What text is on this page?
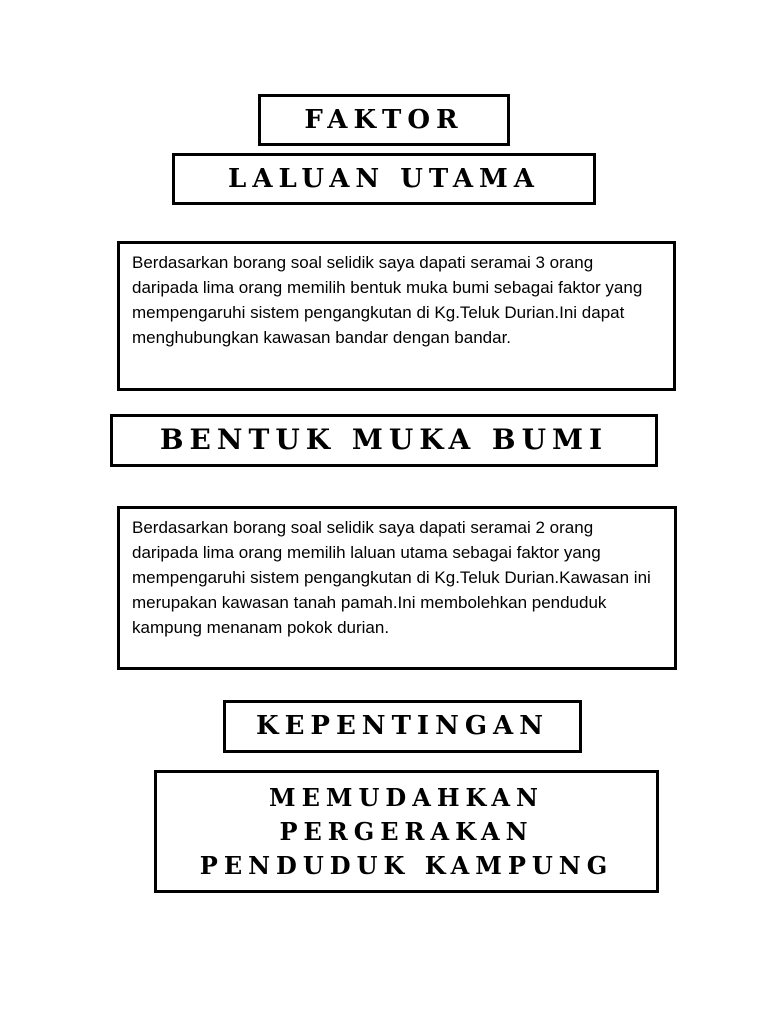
FAKTOR
LALUAN UTAMA
Berdasarkan borang soal selidik saya dapati seramai 3 orang daripada lima orang memilih bentuk muka bumi sebagai faktor yang mempengaruhi sistem pengangkutan di Kg.Teluk Durian.Ini dapat menghubungkan kawasan bandar dengan bandar.
BENTUK MUKA BUMI
Berdasarkan borang soal selidik saya dapati seramai 2 orang daripada lima orang memilih laluan utama sebagai faktor yang mempengaruhi sistem pengangkutan di Kg.Teluk Durian.Kawasan ini merupakan kawasan tanah pamah.Ini membolehkan penduduk kampung menanam pokok durian.
KEPENTINGAN
MEMUDAHKAN
PERGERAKAN
PENDUDUK KAMPUNG
